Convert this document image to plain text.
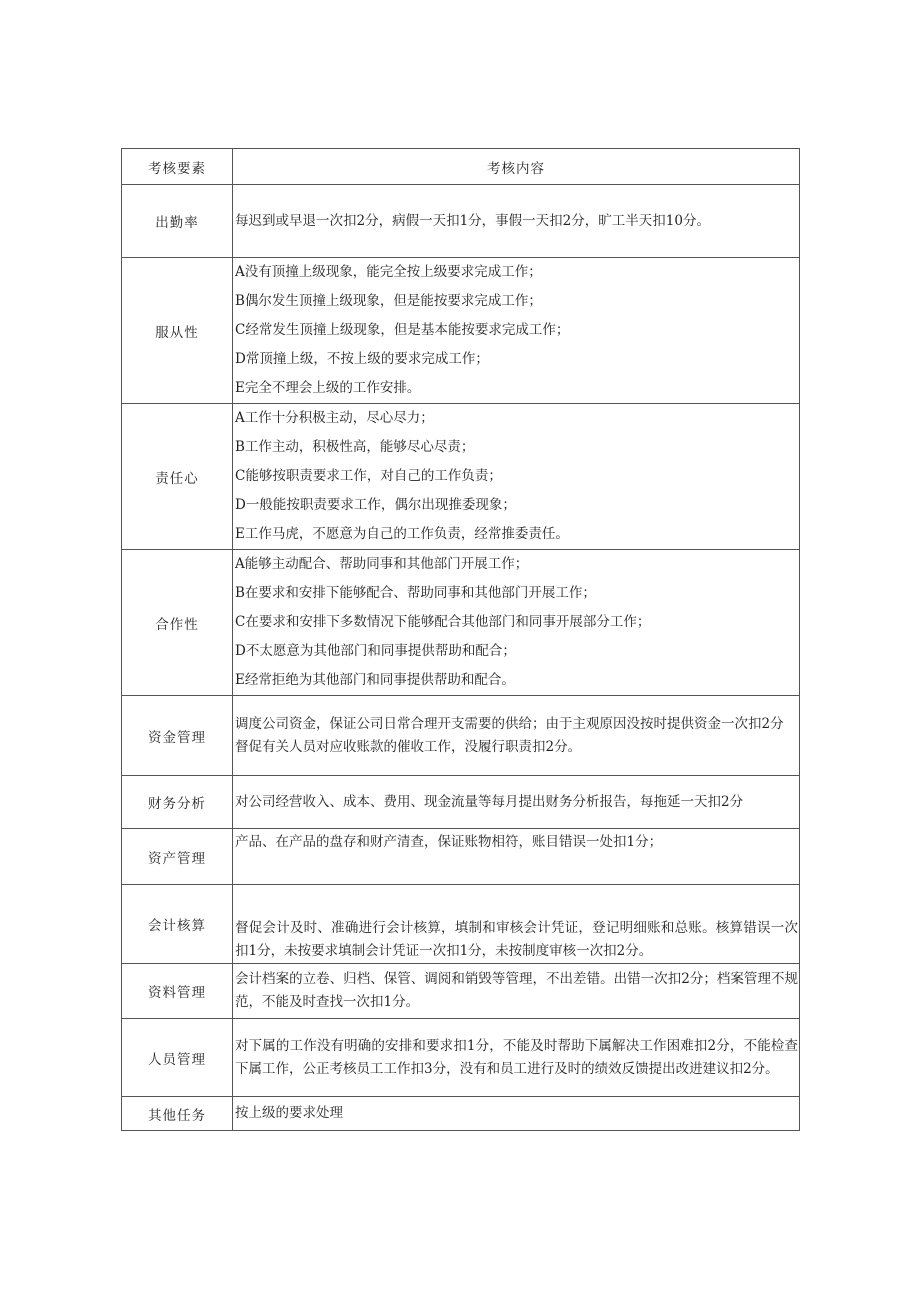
考核要素	考核内容
出勤率	每迟到或早退一次扣2分，病假一天扣1分，事假一天扣2分，旷工半天扣10分。

服从性	A没有顶撞上级现象，能完全按上级要求完成工作；
B偶尔发生顶撞上级现象，但是能按要求完成工作；
C经常发生顶撞上级现象，但是基本能按要求完成工作；
D常顶撞上级，不按上级的要求完成工作；
E完全不理会上级的工作安排。

责任心	A工作十分积极主动，尽心尽力；
B工作主动，积极性高，能够尽心尽责；
C能够按职责要求工作，对自己的工作负责；
D一般能按职责要求工作，偶尔出现推委现象；
E工作马虎，不愿意为自己的工作负责，经常推委责任。

合作性	A能够主动配合、帮助同事和其他部门开展工作；
B在要求和安排下能够配合、帮助同事和其他部门开展工作；
C在要求和安排下多数情况下能够配合其他部门和同事开展部分工作；
D不太愿意为其他部门和同事提供帮助和配合；
E经常拒绝为其他部门和同事提供帮助和配合。

资金管理	调度公司资金，保证公司日常合理开支需要的供给；由于主观原因没按时提供资金一次扣2分
督促有关人员对应收账款的催收工作，没履行职责扣2分。

财务分析	对公司经营收入、成本、费用、现金流量等每月提出财务分析报告，每拖延一天扣2分

资产管理	产品、在产品的盘存和财产清查，保证账物相符，账目错误一处扣1分；

会计核算	督促会计及时、准确进行会计核算，填制和审核会计凭证，登记明细账和总账。核算错误一次扣1分，未按要求填制会计凭证一次扣1分，未按制度审核一次扣2分。

资料管理	会计档案的立卷、归档、保管、调阅和销毁等管理，不出差错。出错一次扣2分；档案管理不规范，不能及时查找一次扣1分。

人员管理	对下属的工作没有明确的安排和要求扣1分，不能及时帮助下属解决工作困难扣2分，不能检查下属工作，公正考核员工工作扣3分，没有和员工进行及时的绩效反馈提出改进建议扣2分。

其他任务	按上级的要求处理
